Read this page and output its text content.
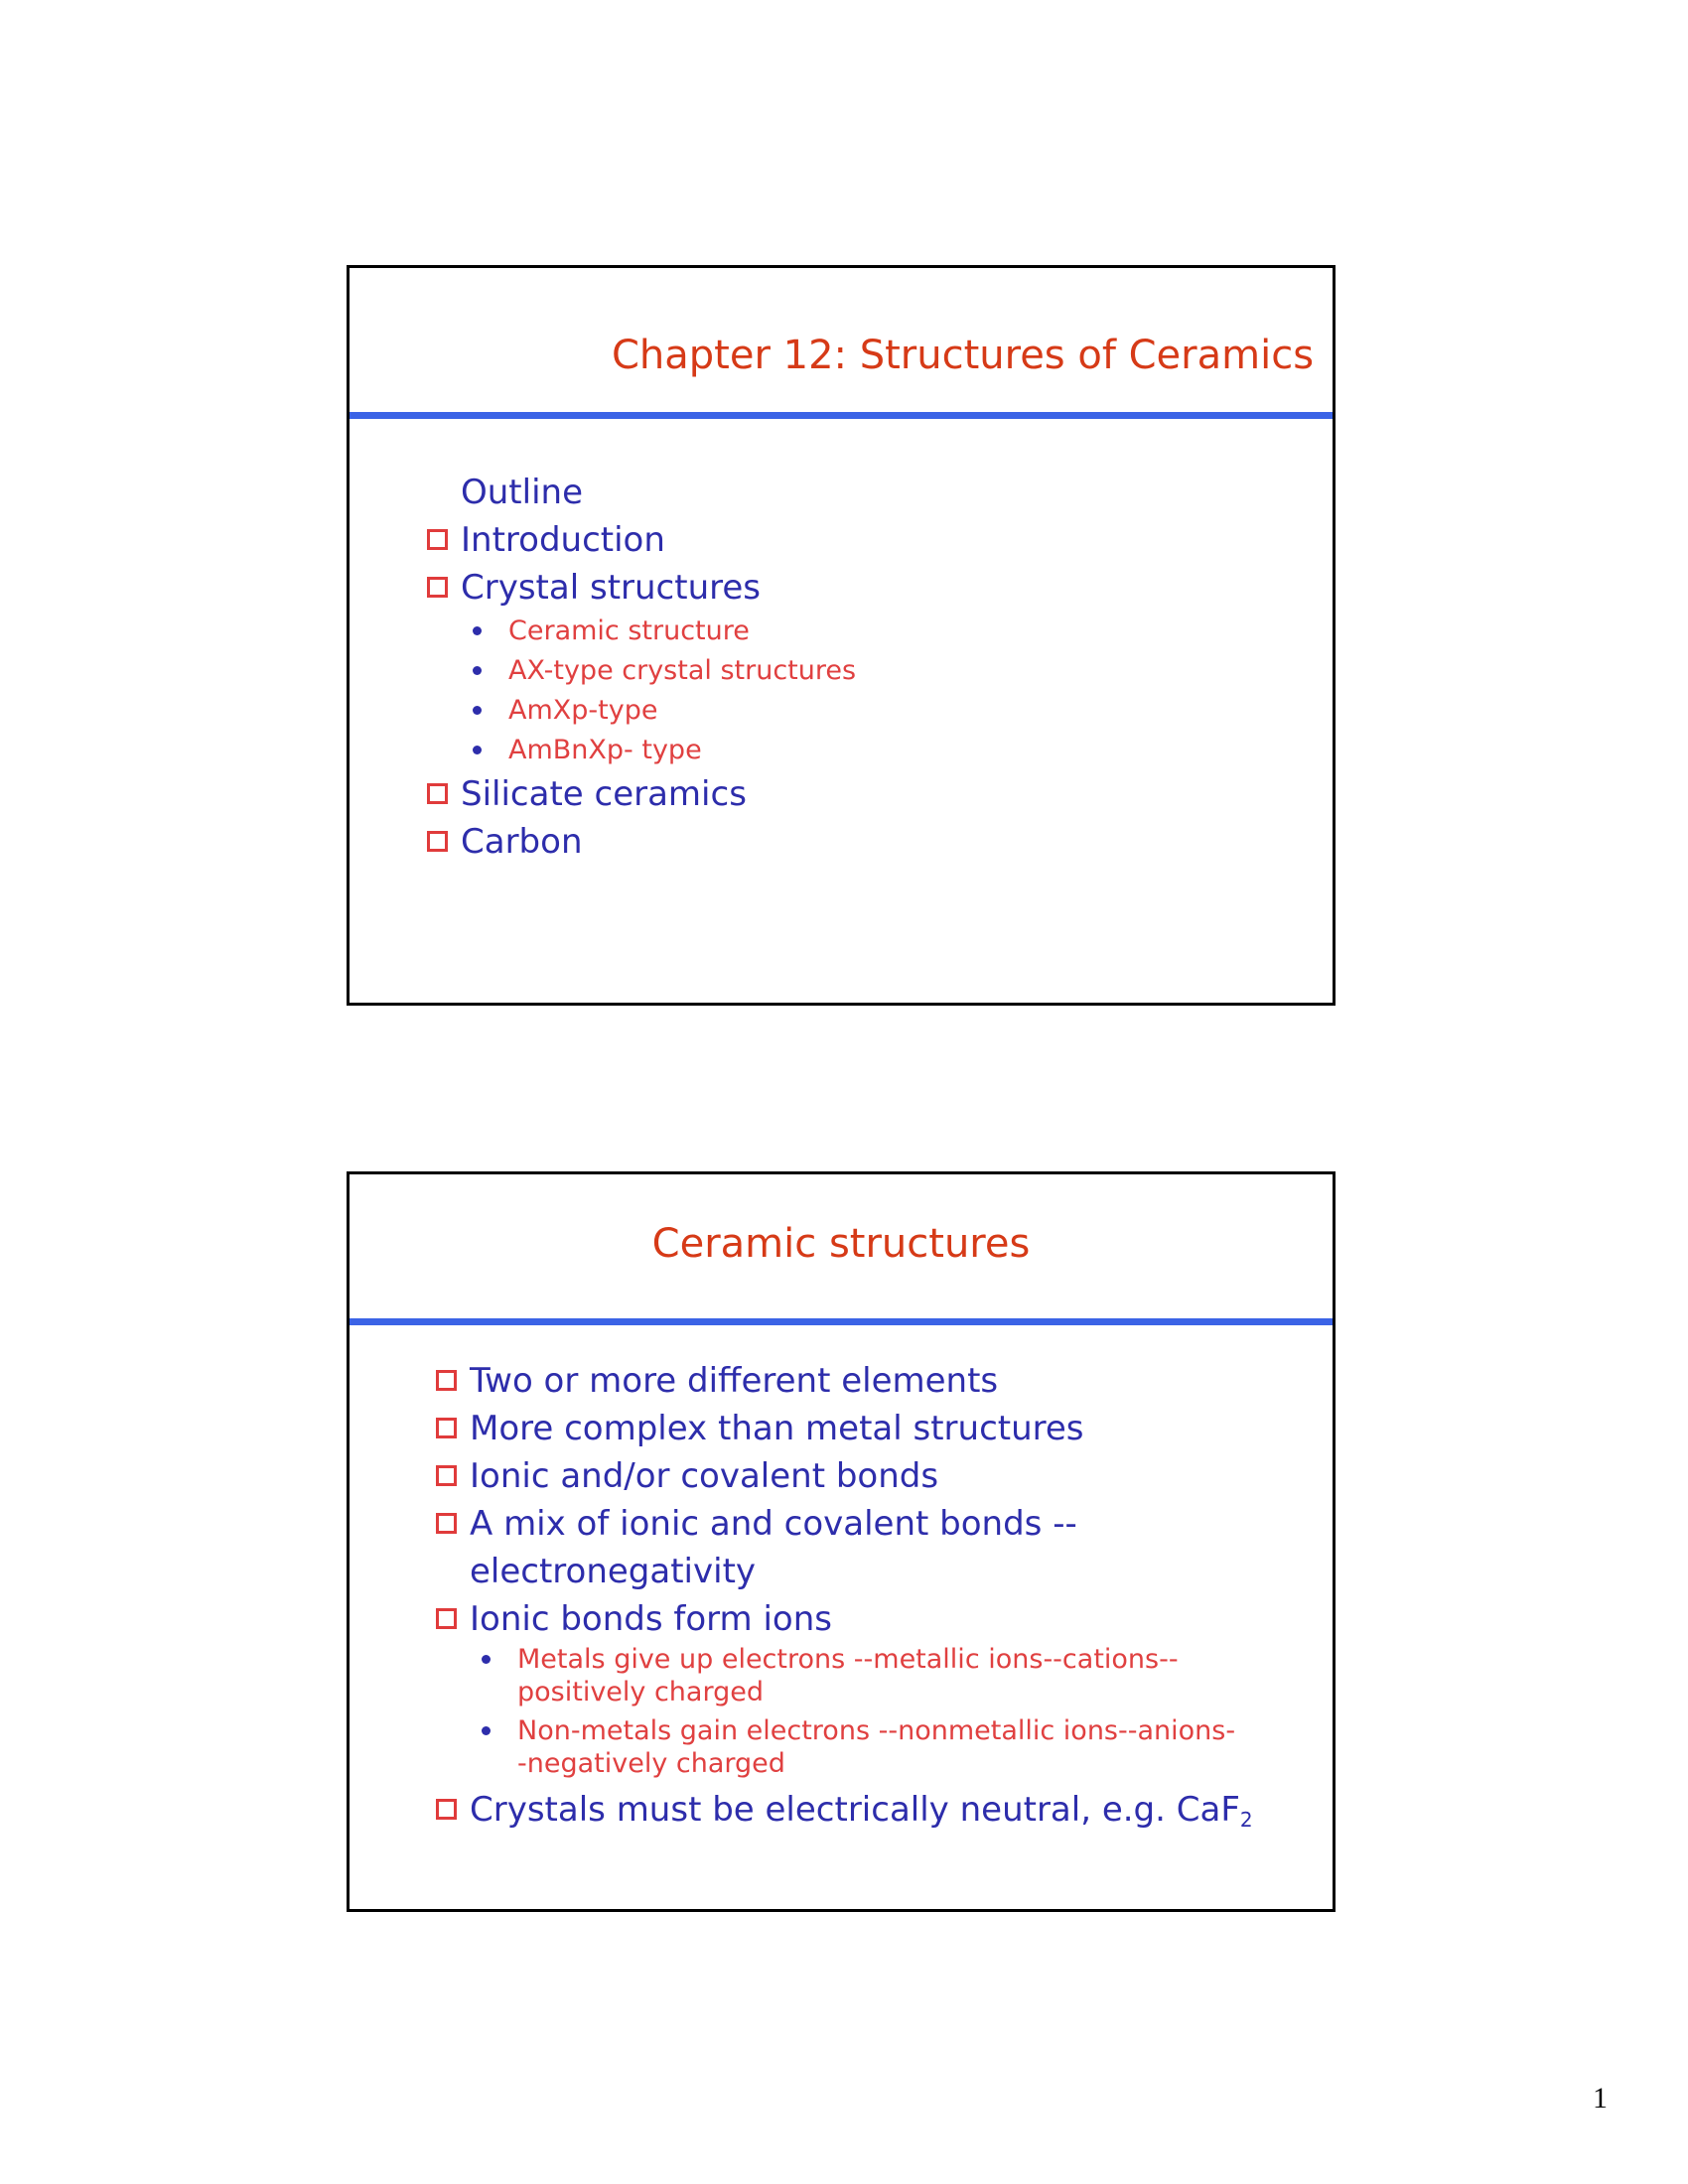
Chapter 12: Structures of Ceramics
Outline
Introduction
Crystal structures
Ceramic structure
AX-type crystal structures
AmXp-type
AmBnXp- type
Silicate ceramics
Carbon
Ceramic structures
Two or more different elements
More complex than metal structures
Ionic and/or covalent bonds
A mix of ionic and covalent bonds --
electronegativity
Ionic bonds form ions
Metals give up electrons --metallic ions--cations--
positively charged
Non-metals gain electrons --nonmetallic ions--anions-
-negatively charged
Crystals must be electrically neutral, e.g. CaF$_2$
1
